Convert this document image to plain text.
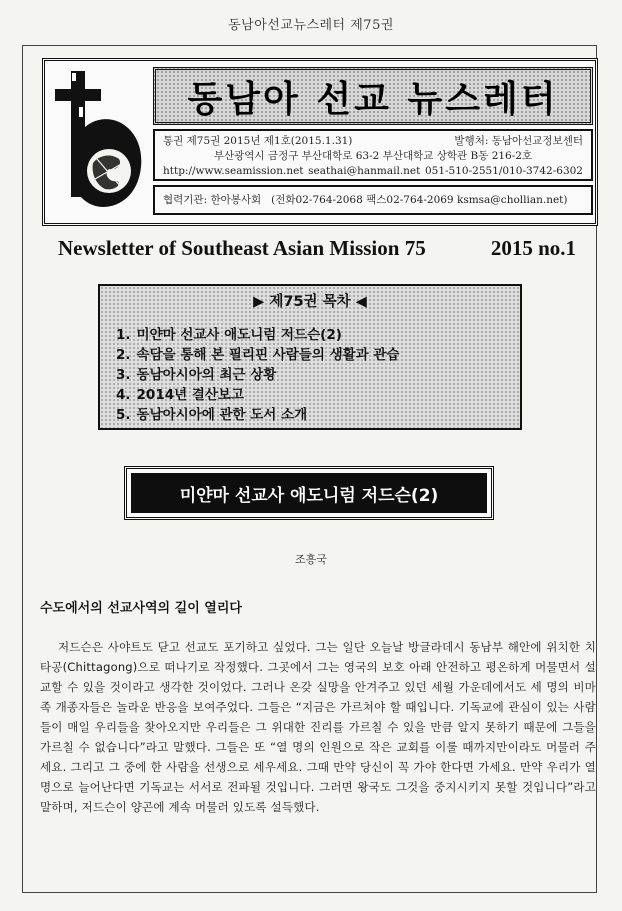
동남아선교뉴스레터 제75권
동남아 선교 뉴스레터
통권 제75권 2015년 제1호(2015.1.31)	발행처: 동남아선교정보센터
부산광역시 금정구 부산대학로 63-2 부산대학교 상학관 B동 216-2호
http://www.seamission.net seathai@hanmail.net 051-510-2551/010-3742-6302
협력기관: 한아봉사회 (전화02-764-2068 팩스02-764-2069 ksmsa@chollian.net)
Newsletter of Southeast Asian Mission 75	2015 no.1
▶ 제75권 목차 ◀
1. 미얀마 선교사 애도니럼 저드슨(2)
2. 속담을 통해 본 필리핀 사람들의 생활과 관습
3. 동남아시아의 최근 상황
4. 2014년 결산보고
5. 동남아시아에 관한 도서 소개
미얀마 선교사 애도니럼 저드슨(2)
조흥국
수도에서의 선교사역의 길이 열리다

저드슨은 사야트도 닫고 선교도 포기하고 싶었다. 그는 일단 오늘날 방글라데시 동남부 해안에 위치한 치타공(Chittagong)으로 떠나기로 작정했다. 그곳에서 그는 영국의 보호 아래 안전하고 평온하게 머물면서 설교할 수 있을 것이라고 생각한 것이었다. 그러나 온갖 실망을 안겨주고 있던 세월 가운데에서도 세 명의 비마족 개종자들은 놀라운 반응을 보여주었다. 그들은 “지금은 가르쳐야 할 때입니다. 기독교에 관심이 있는 사람들이 매일 우리들을 찾아오지만 우리들은 그 위대한 진리를 가르칠 수 있을 만큼 알지 못하기 때문에 그들을 가르칠 수 없습니다”라고 말했다. 그들은 또 “열 명의 인원으로 작은 교회를 이룰 때까지만이라도 머물러 주세요. 그리고 그 중에 한 사람을 선생으로 세우세요. 그때 만약 당신이 꼭 가야 한다면 가세요. 만약 우리가 열 명으로 늘어난다면 기독교는 서서로 전파될 것입니다. 그러면 왕국도 그것을 중지시키지 못할 것입니다”라고 말하며, 저드슨이 양곤에 계속 머물러 있도록 설득했다.
